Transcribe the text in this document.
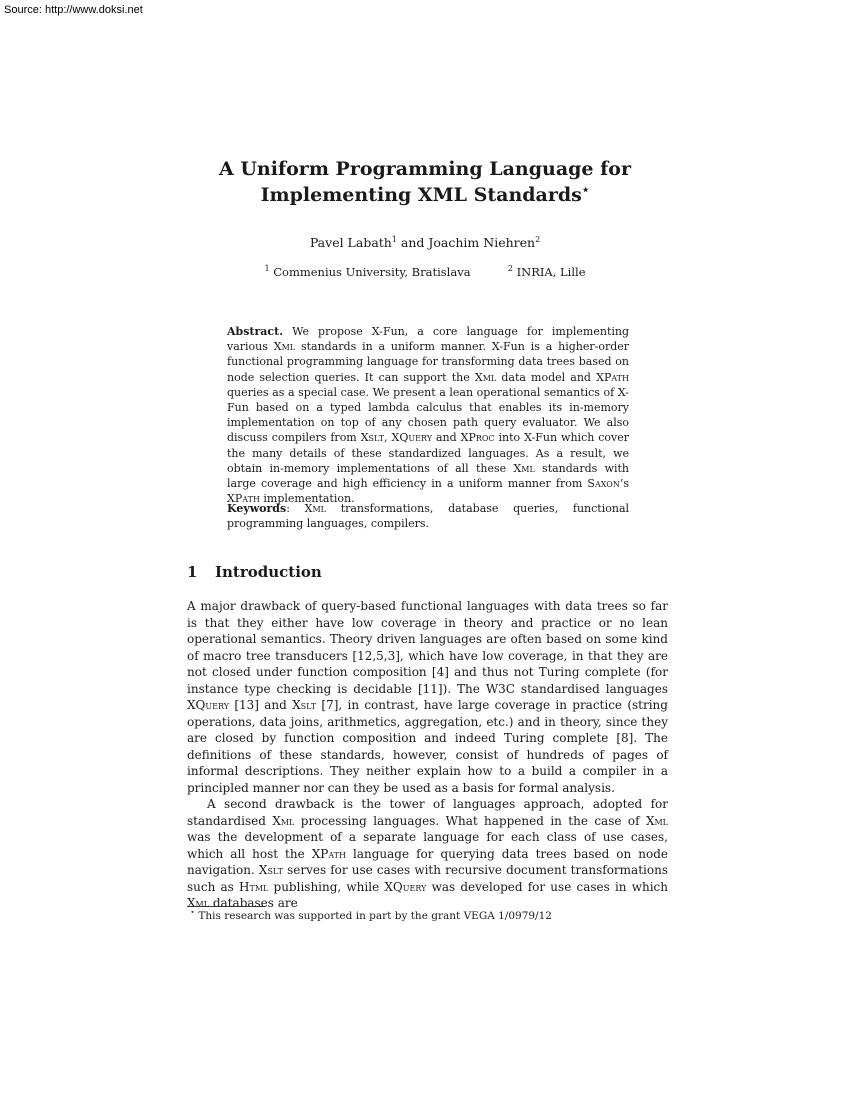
Source: http://www.doksi.net
A Uniform Programming Language for
Implementing XML Standards⋆
Pavel Labath$^1$ and Joachim Niehren$^2$
$^1$ Commenius University, Bratislava	$^2$ INRIA, Lille

Abstract. We propose X-Fun, a core language for implementing various Xml standards in a uniform manner. X-Fun is a higher-order functional programming language for transforming data trees based on node selection queries. It can support the Xml data model and XPath queries as a special case. We present a lean operational semantics of X-Fun based on a typed lambda calculus that enables its in-memory implementation on top of any chosen path query evaluator. We also discuss compilers from Xslt, XQuery and XProc into X-Fun which cover the many details of these standardized languages. As a result, we obtain in-memory implementations of all these Xml standards with large coverage and high efficiency in a uniform manner from Saxon’s XPath implementation.

Keywords: Xml transformations, database queries, functional programming languages, compilers.

1 Introduction

A major drawback of query-based functional languages with data trees so far is that they either have low coverage in theory and practice or no lean operational semantics. Theory driven languages are often based on some kind of macro tree transducers [12,5,3], which have low coverage, in that they are not closed under function composition [4] and thus not Turing complete (for instance type checking is decidable [11]). The W3C standardised languages XQuery [13] and Xslt [7], in contrast, have large coverage in practice (string operations, data joins, arithmetics, aggregation, etc.) and in theory, since they are closed by function composition and indeed Turing complete [8]. The definitions of these standards, however, consist of hundreds of pages of informal descriptions. They neither explain how to a build a compiler in a principled manner nor can they be used as a basis for formal analysis.

A second drawback is the tower of languages approach, adopted for standardised Xml processing languages. What happened in the case of Xml was the development of a separate language for each class of use cases, which all host the XPath language for querying data trees based on node navigation. Xslt serves for use cases with recursive document transformations such as Html publishing, while XQuery was developed for use cases in which Xml databases are

⋆ This research was supported in part by the grant VEGA 1/0979/12
